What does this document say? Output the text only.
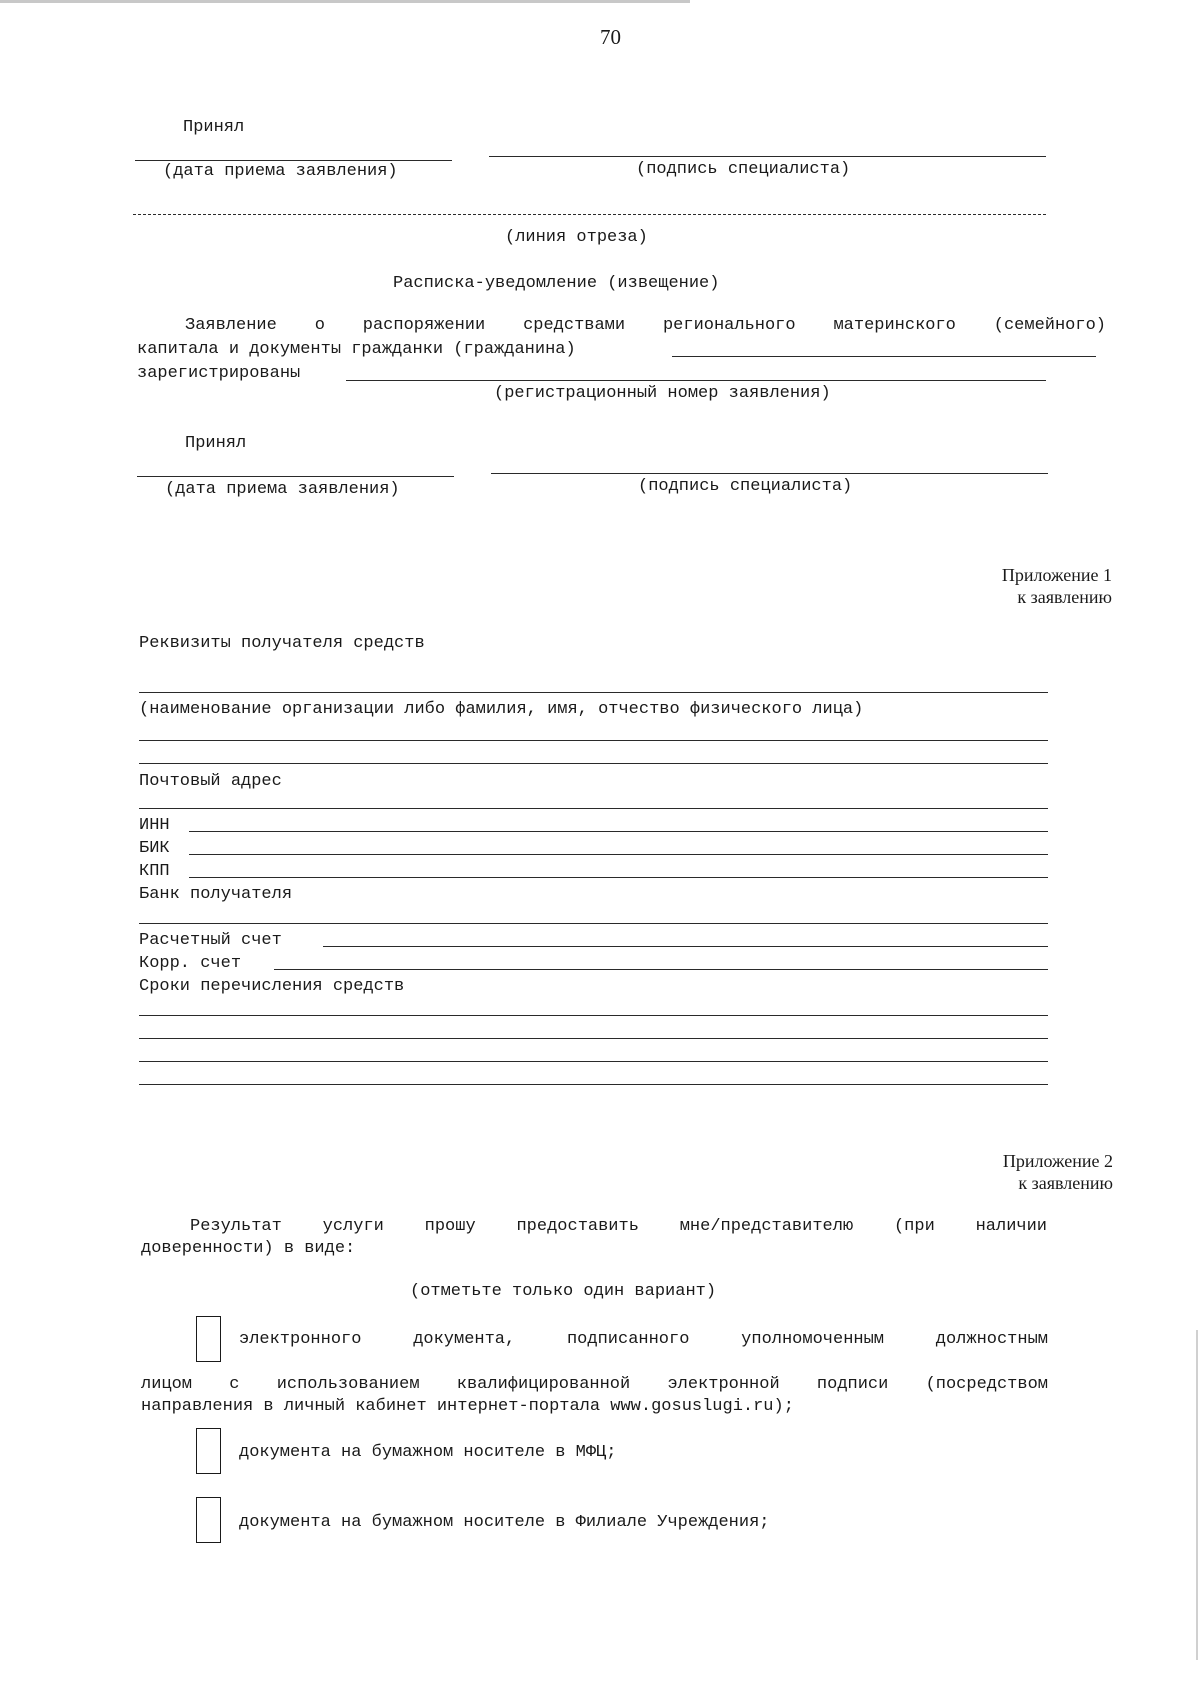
70
Принял
(дата приема заявления)	(подпись специалиста)
(линия отреза)
Расписка-уведомление (извещение)
Заявление о распоряжении средствами регионального материнского (семейного)
капитала и документы гражданки (гражданина)
зарегистрированы
(регистрационный номер заявления)
Принял
(дата приема заявления)	(подпись специалиста)
Приложение 1
к заявлению
Реквизиты получателя средств
(наименование организации либо фамилия, имя, отчество физического лица)
Почтовый адрес
ИНН
БИК
КПП
Банк получателя
Расчетный счет
Корр. счет
Сроки перечисления средств
Приложение 2
к заявлению
Результат услуги прошу предоставить мне/представителю (при наличии
доверенности) в виде:
(отметьте только один вариант)
электронного документа, подписанного уполномоченным должностным
лицом с использованием квалифицированной электронной подписи (посредством
направления в личный кабинет интернет-портала www.gosuslugi.ru);
документа на бумажном носителе в МФЦ;
документа на бумажном носителе в Филиале Учреждения;
